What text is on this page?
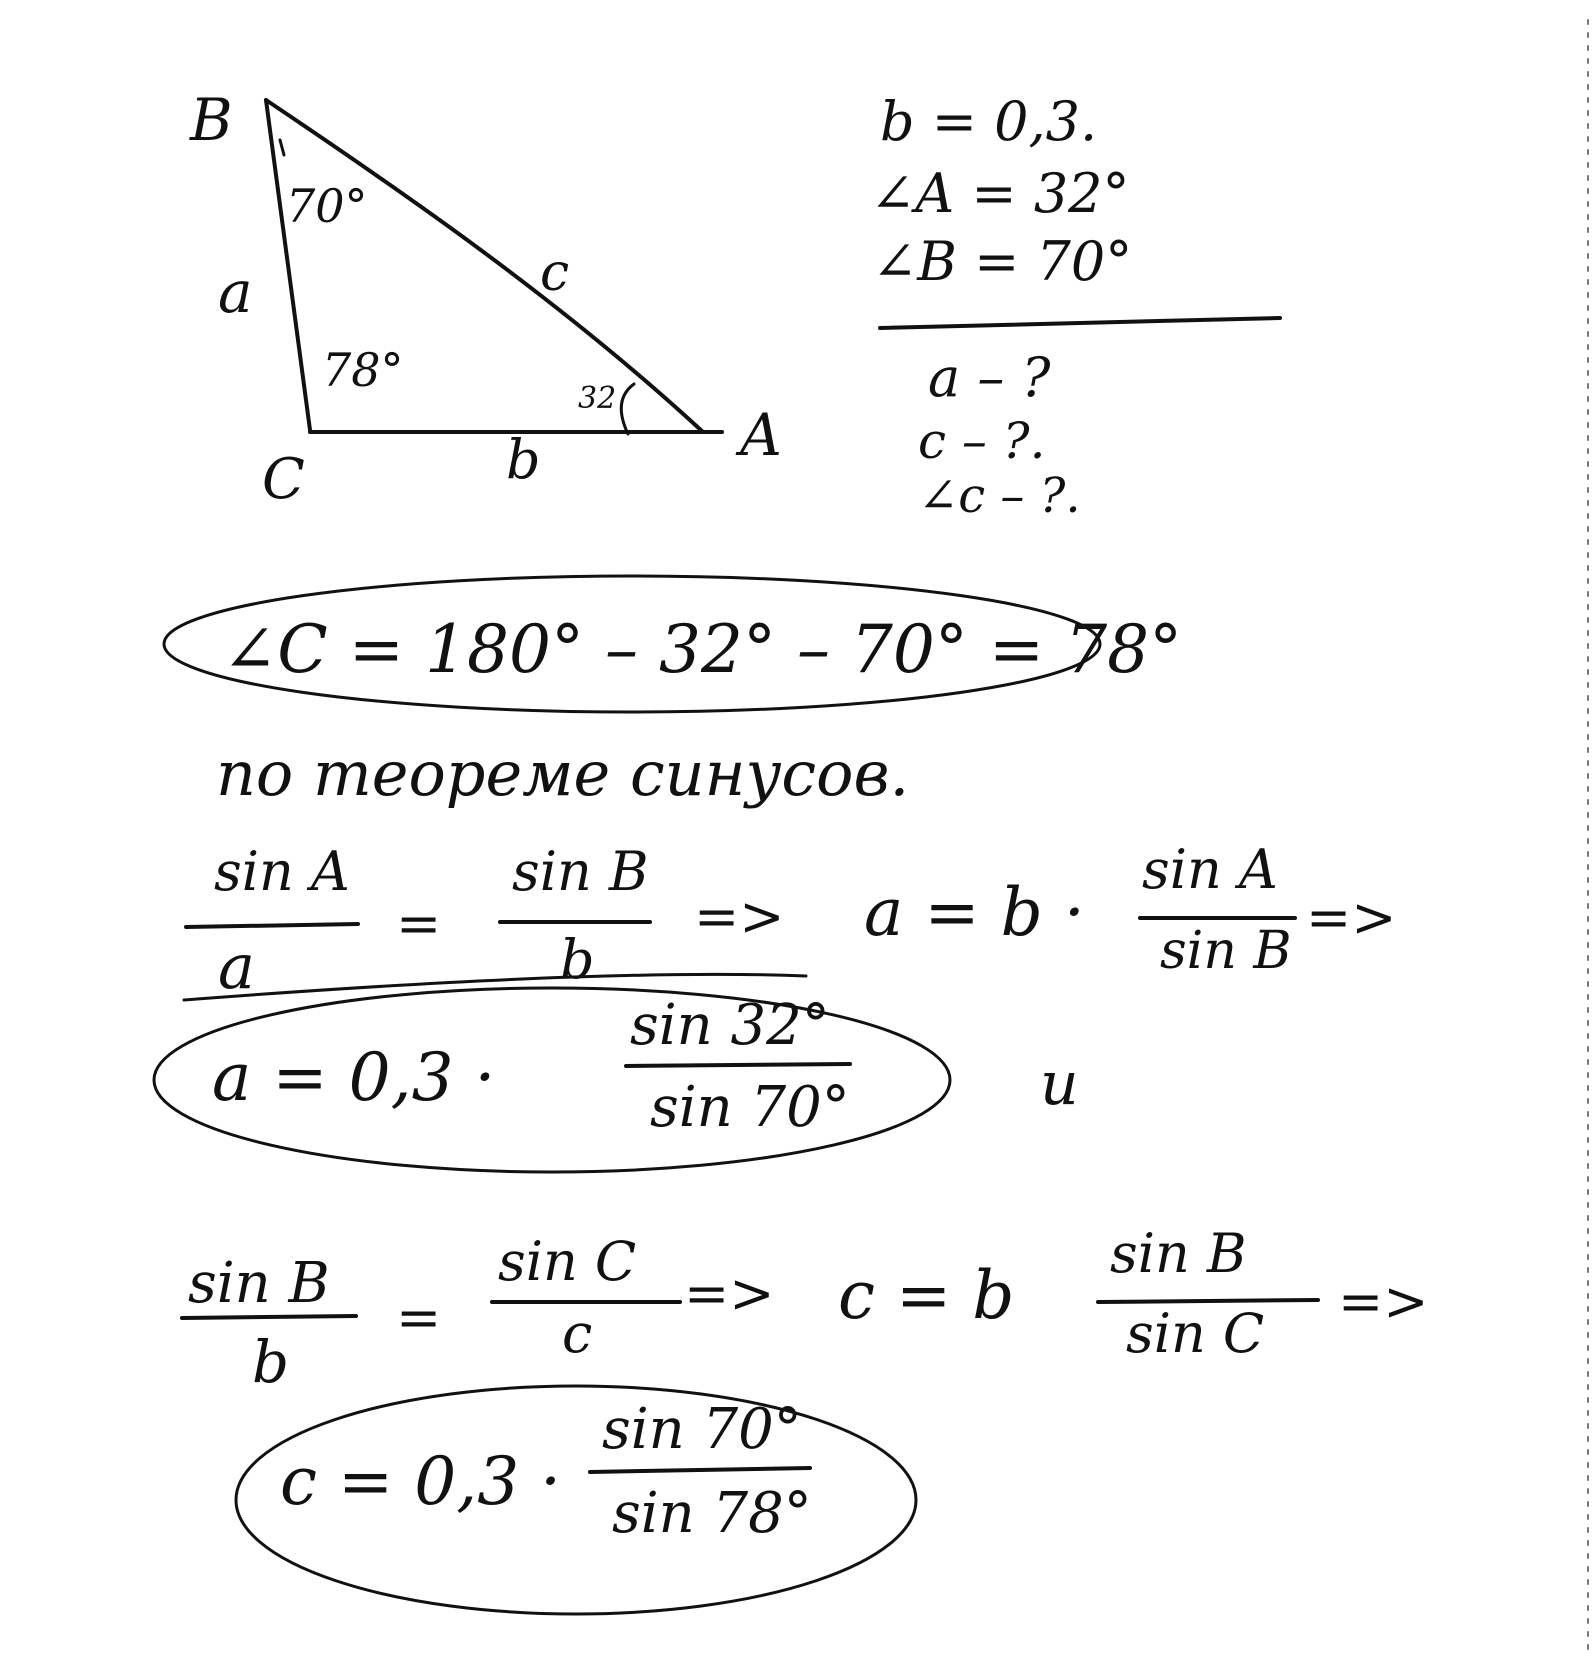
B
C
A
a
b
c
70°
78°
32
b = 0,3.
∠A = 32°
∠B = 70°
a – ?
c – ?.
∠c – ?.
∠C = 180° – 32° – 70° = 78°
по теореме синусов.
sin A
a
=
sin B
b
=> a = b ·
sin A
sin B
=>
a = 0,3 ·
sin 32°
sin 70°	и
sin B
b
=
sin C
c
=> c = b
sin B
sin C
=>
c = 0,3 ·
sin 70°
sin 78°
